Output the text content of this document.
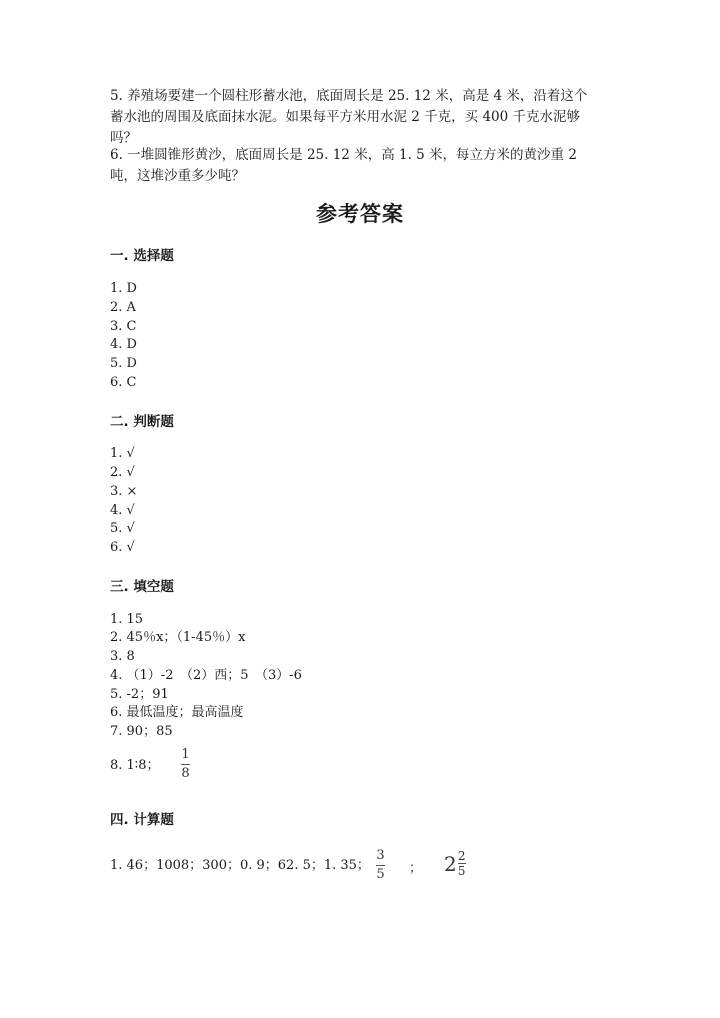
5. 养殖场要建一个圆柱形蓄水池，底面周长是 25. 12 米，高是 4 米，沿着这个
蓄水池的周围及底面抹水泥。如果每平方米用水泥 2 千克，买 400 千克水泥够
吗？
6. 一堆圆锥形黄沙，底面周长是 25. 12 米，高 1. 5 米，每立方米的黄沙重 2
吨，这堆沙重多少吨？
参考答案
一. 选择题
1. D
2. A
3. C
4. D
5. D
6. C
二. 判断题
1. √
2. √
3. ×
4. √
5. √
6. √
三. 填空题
1. 15
2. 45％x；（1-45％）x
3. 8
4. （1）-2　（2）西；5　（3）-6
5. -2；91
6. 最低温度；最高温度
7. 90；85
8. 1∶8；
1
8
四. 计算题
1. 46；1008；300；0. 9；62. 5；1. 35；
3
5 ； 2 2
5
